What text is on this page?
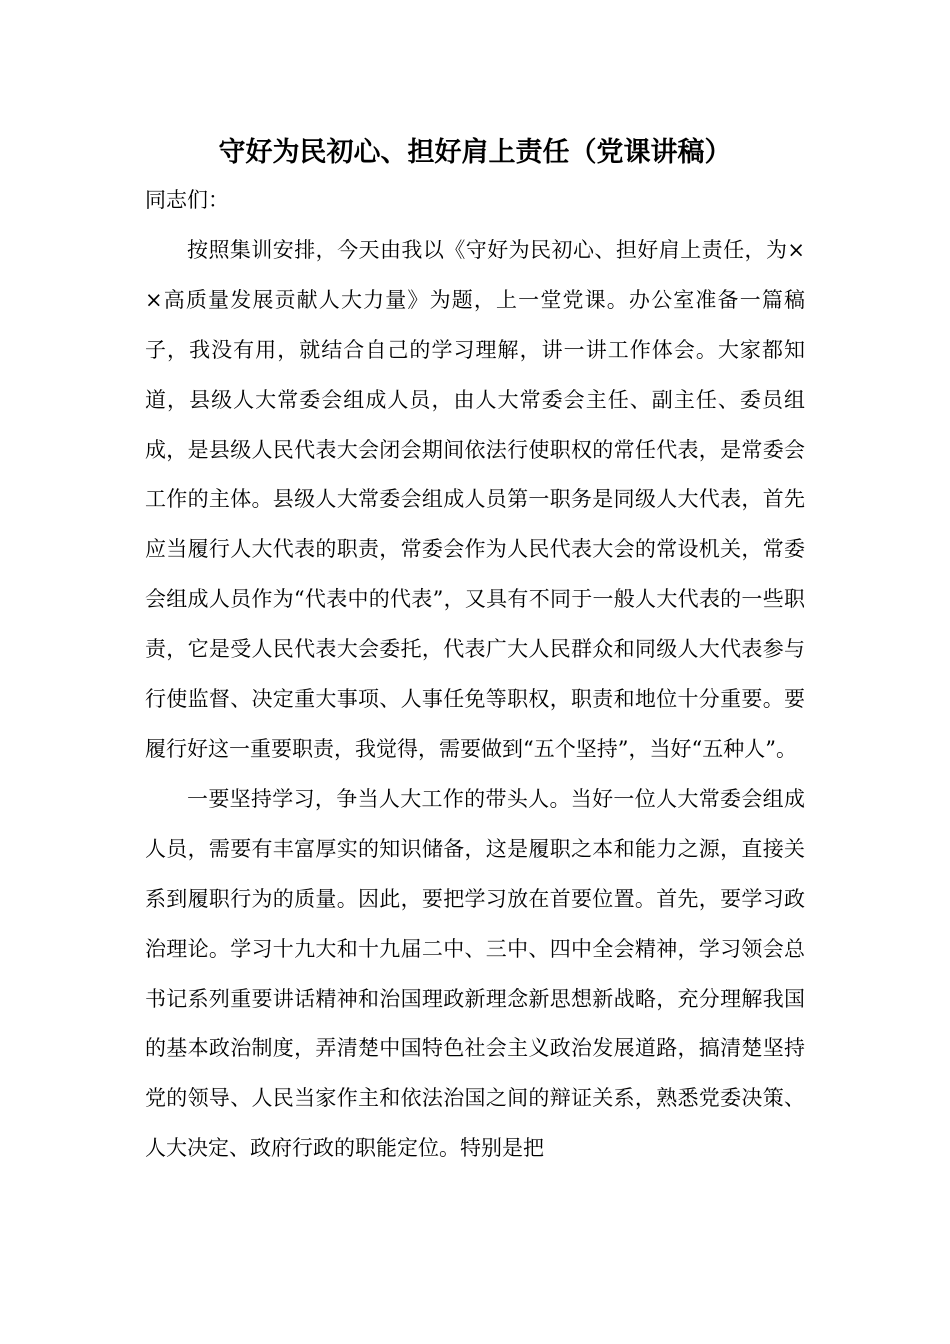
守好为民初心、担好肩上责任（党课讲稿）

同志们：

按照集训安排，今天由我以《守好为民初心、担好肩上责任，为××高质量发展贡献人大力量》为题，上一堂党课。办公室准备一篇稿子，我没有用，就结合自己的学习理解，讲一讲工作体会。大家都知道，县级人大常委会组成人员，由人大常委会主任、副主任、委员组成，是县级人民代表大会闭会期间依法行使职权的常任代表，是常委会工作的主体。县级人大常委会组成人员第一职务是同级人大代表，首先应当履行人大代表的职责，常委会作为人民代表大会的常设机关，常委会组成人员作为“代表中的代表”，又具有不同于一般人大代表的一些职责，它是受人民代表大会委托，代表广大人民群众和同级人大代表参与行使监督、决定重大事项、人事任免等职权，职责和地位十分重要。要履行好这一重要职责，我觉得，需要做到“五个坚持”，当好“五种人”。

一要坚持学习，争当人大工作的带头人。当好一位人大常委会组成人员，需要有丰富厚实的知识储备，这是履职之本和能力之源，直接关系到履职行为的质量。因此，要把学习放在首要位置。首先，要学习政治理论。学习十九大和十九届二中、三中、四中全会精神，学习领会总书记系列重要讲话精神和治国理政新理念新思想新战略，充分理解我国的基本政治制度，弄清楚中国特色社会主义政治发展道路，搞清楚坚持党的领导、人民当家作主和依法治国之间的辩证关系，熟悉党委决策、人大决定、政府行政的职能定位。特别是把
